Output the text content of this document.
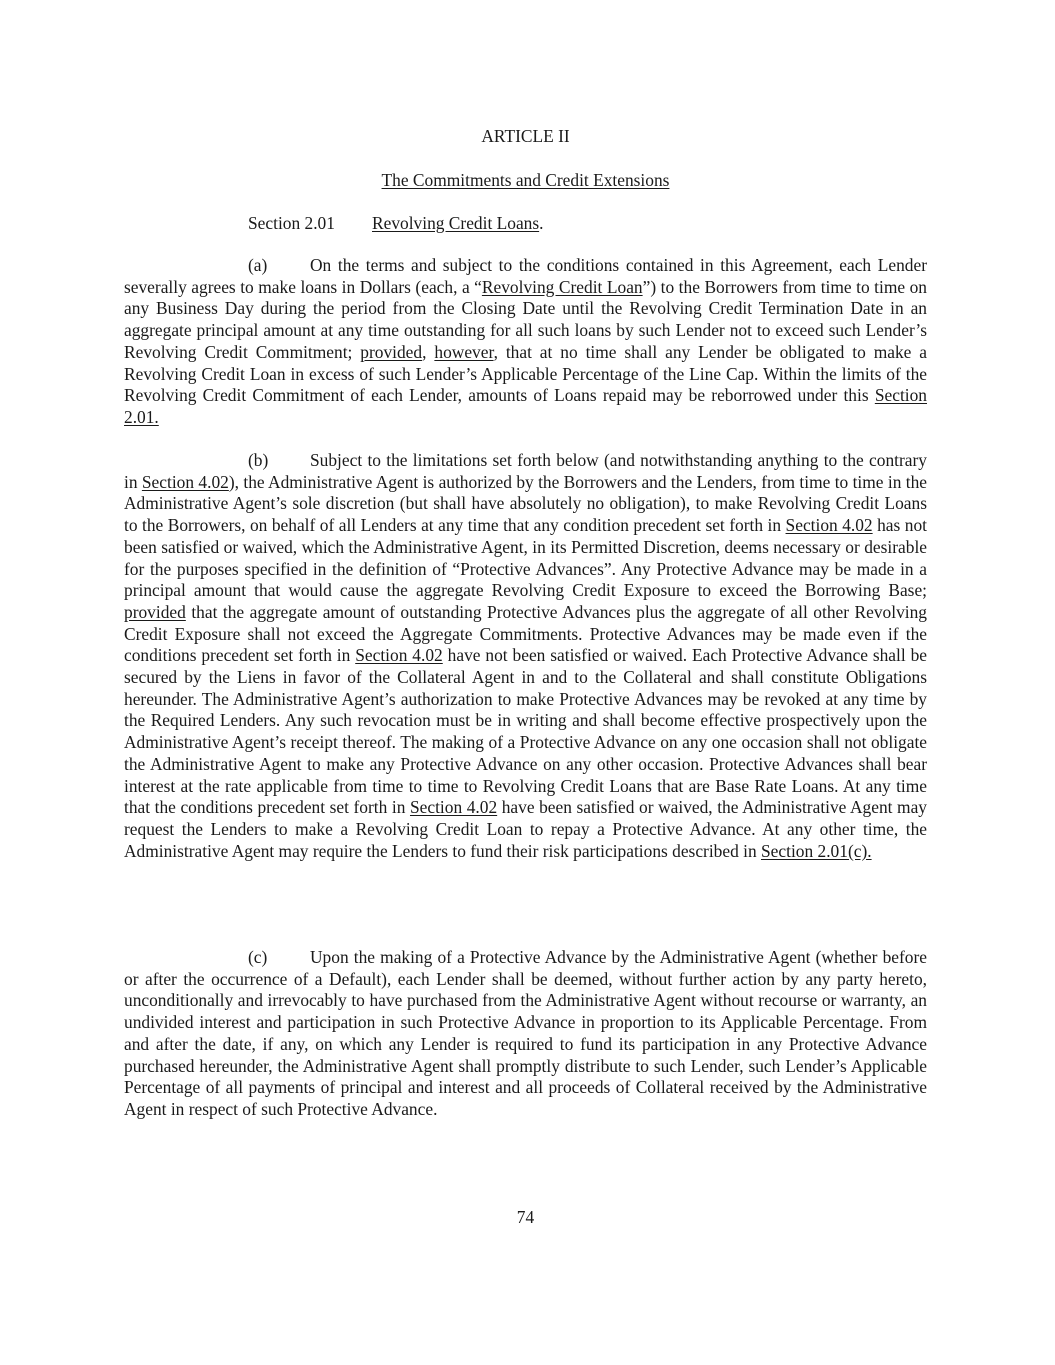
ARTICLE II

The Commitments and Credit Extensions

Section 2.01 Revolving Credit Loans.

(a) On the terms and subject to the conditions contained in this Agreement, each Lender severally agrees to make loans in Dollars (each, a “Revolving Credit Loan”) to the Borrowers from time to time on any Business Day during the period from the Closing Date until the Revolving Credit Termination Date in an aggregate principal amount at any time outstanding for all such loans by such Lender not to exceed such Lender’s Revolving Credit Commitment; provided, however, that at no time shall any Lender be obligated to make a Revolving Credit Loan in excess of such Lender’s Applicable Percentage of the Line Cap. Within the limits of the Revolving Credit Commitment of each Lender, amounts of Loans repaid may be reborrowed under this Section 2.01.

(b) Subject to the limitations set forth below (and notwithstanding anything to the contrary in Section 4.02), the Administrative Agent is authorized by the Borrowers and the Lenders, from time to time in the Administrative Agent’s sole discretion (but shall have absolutely no obligation), to make Revolving Credit Loans to the Borrowers, on behalf of all Lenders at any time that any condition precedent set forth in Section 4.02 has not been satisfied or waived, which the Administrative Agent, in its Permitted Discretion, deems necessary or desirable for the purposes specified in the definition of “Protective Advances”. Any Protective Advance may be made in a principal amount that would cause the aggregate Revolving Credit Exposure to exceed the Borrowing Base; provided that the aggregate amount of outstanding Protective Advances plus the aggregate of all other Revolving Credit Exposure shall not exceed the Aggregate Commitments. Protective Advances may be made even if the conditions precedent set forth in Section 4.02 have not been satisfied or waived. Each Protective Advance shall be secured by the Liens in favor of the Collateral Agent in and to the Collateral and shall constitute Obligations hereunder. The Administrative Agent’s authorization to make Protective Advances may be revoked at any time by the Required Lenders. Any such revocation must be in writing and shall become effective prospectively upon the Administrative Agent’s receipt thereof. The making of a Protective Advance on any one occasion shall not obligate the Administrative Agent to make any Protective Advance on any other occasion. Protective Advances shall bear interest at the rate applicable from time to time to Revolving Credit Loans that are Base Rate Loans. At any time that the conditions precedent set forth in Section 4.02 have been satisfied or waived, the Administrative Agent may request the Lenders to make a Revolving Credit Loan to repay a Protective Advance. At any other time, the Administrative Agent may require the Lenders to fund their risk participations described in Section 2.01(c).

(c) Upon the making of a Protective Advance by the Administrative Agent (whether before or after the occurrence of a Default), each Lender shall be deemed, without further action by any party hereto, unconditionally and irrevocably to have purchased from the Administrative Agent without recourse or warranty, an undivided interest and participation in such Protective Advance in proportion to its Applicable Percentage. From and after the date, if any, on which any Lender is required to fund its participation in any Protective Advance purchased hereunder, the Administrative Agent shall promptly distribute to such Lender, such Lender’s Applicable Percentage of all payments of principal and interest and all proceeds of Collateral received by the Administrative Agent in respect of such Protective Advance.

74
